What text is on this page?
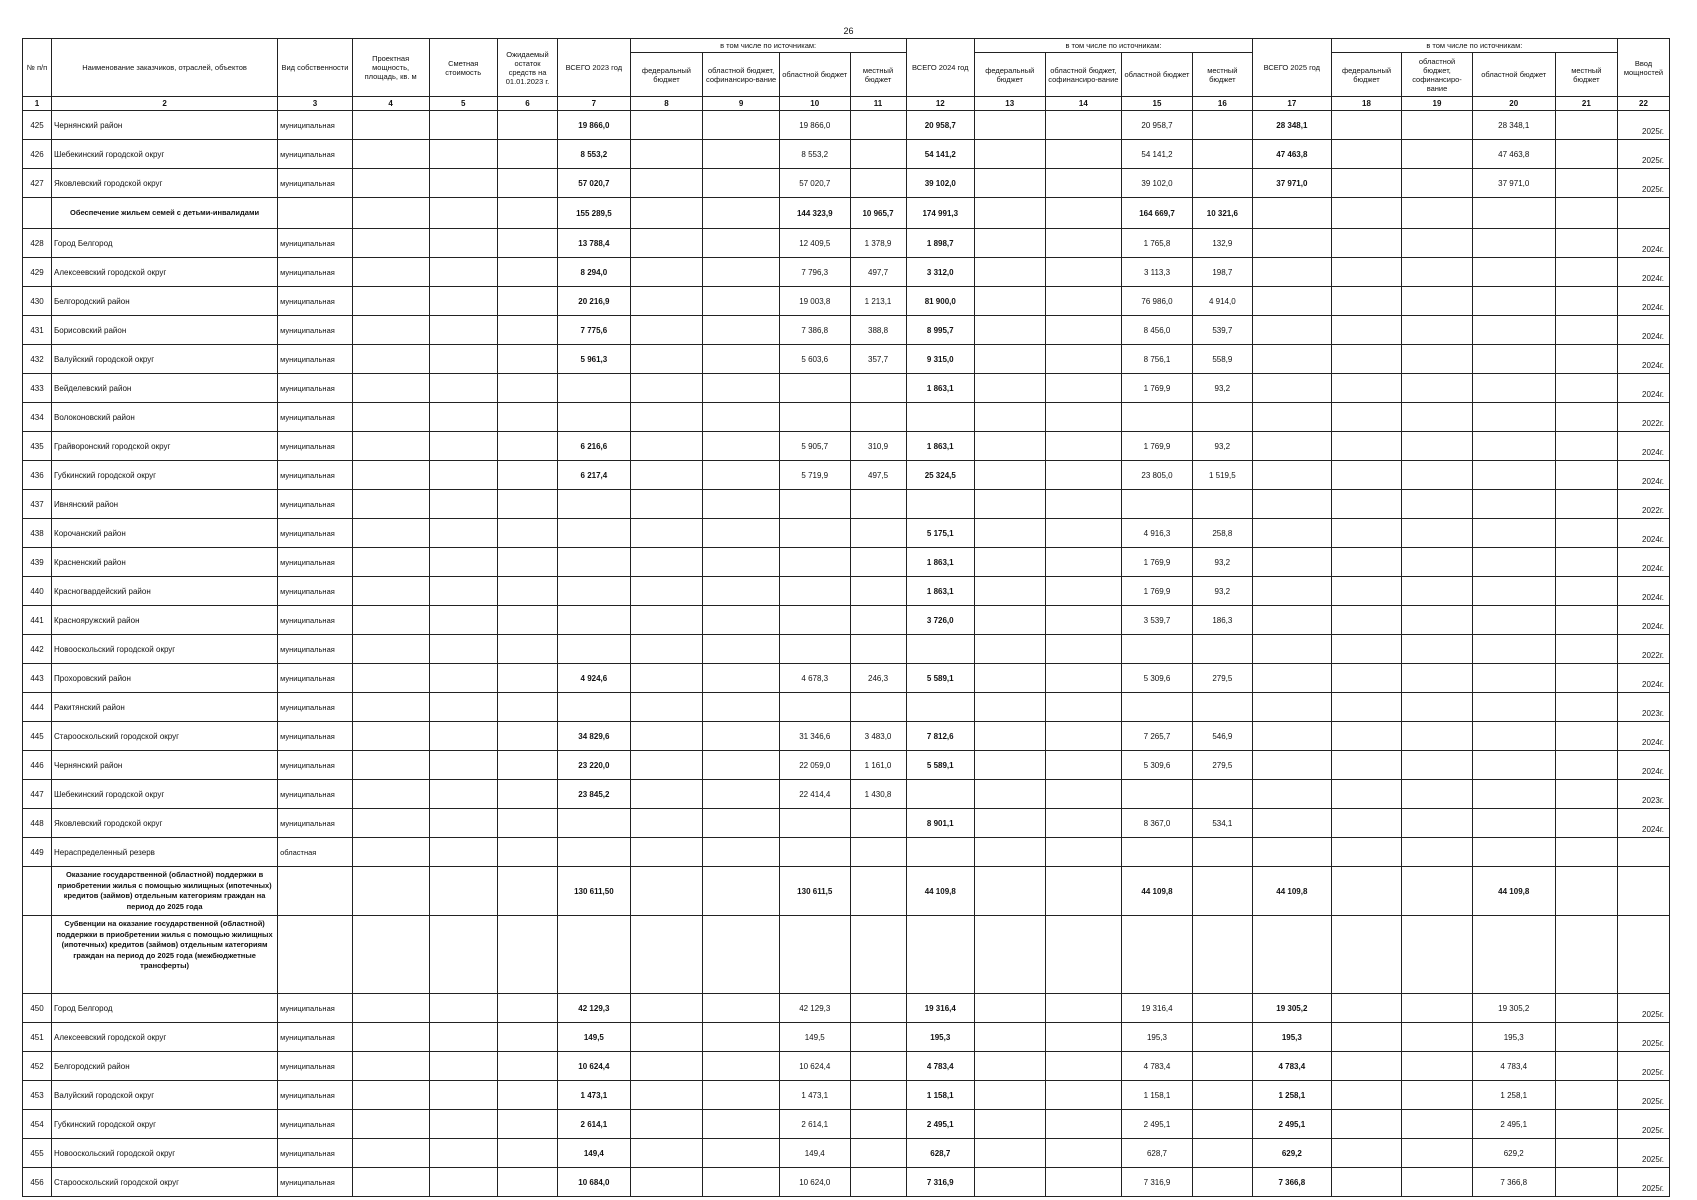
26
№ п/п	Наименование заказчиков, отраслей, объектов	Вид собственности	Проектная мощность, площадь, кв. м	Сметная стоимость	Ожидаемый остаток средств на 01.01.2023 г.	ВСЕГО 2023 год	в том числе по источникам:				ВСЕГО 2024 год	в том числе по источникам:				ВСЕГО 2025 год	в том числе по источникам:				Ввод мощностей
							федеральный бюджет	областной бюджет, софинансиро-вание	областной бюджет	местный бюджет		федеральный бюджет	областной бюджет, софинансиро-вание	областной бюджет	местный бюджет		федеральный бюджет	областной бюджет, софинансиро-вание	областной бюджет	местный бюджет	
1	2	3	4	5	6	7	8	9	10	11	12	13	14	15	16	17	18	19	20	21	22
425	Чернянский район	муниципальная				19 866,0			19 866,0		20 958,7			20 958,7		28 348,1			28 348,1		2025г.
426	Шебекинский городской округ	муниципальная				8 553,2			8 553,2		54 141,2			54 141,2		47 463,8			47 463,8		2025г.
427	Яковлевский городской округ	муниципальная				57 020,7			57 020,7		39 102,0			39 102,0		37 971,0			37 971,0		2025г.
	Обеспечение жильем семей с детьми-инвалидами					155 289,5			144 323,9	10 965,7	174 991,3			164 669,7	10 321,6						
428	Город Белгород	муниципальная				13 788,4			12 409,5	1 378,9	1 898,7			1 765,8	132,9						2024г.
429	Алексеевский городской округ	муниципальная				8 294,0			7 796,3	497,7	3 312,0			3 113,3	198,7						2024г.
430	Белгородский район	муниципальная				20 216,9			19 003,8	1 213,1	81 900,0			76 986,0	4 914,0						2024г.
431	Борисовский район	муниципальная				7 775,6			7 386,8	388,8	8 995,7			8 456,0	539,7						2024г.
432	Валуйский городской округ	муниципальная				5 961,3			5 603,6	357,7	9 315,0			8 756,1	558,9						2024г.
433	Вейделевский район	муниципальная									1 863,1			1 769,9	93,2						2024г.
434	Волоконовский район	муниципальная																			2022г.
435	Грайворонский городской округ	муниципальная				6 216,6			5 905,7	310,9	1 863,1			1 769,9	93,2						2024г.
436	Губкинский городской округ	муниципальная				6 217,4			5 719,9	497,5	25 324,5			23 805,0	1 519,5						2024г.
437	Ивнянский район	муниципальная																			2022г.
438	Корочанский район	муниципальная									5 175,1			4 916,3	258,8						2024г.
439	Красненский район	муниципальная									1 863,1			1 769,9	93,2						2024г.
440	Красногвардейский район	муниципальная									1 863,1			1 769,9	93,2						2024г.
441	Краснояружский район	муниципальная									3 726,0			3 539,7	186,3						2024г.
442	Новооскольский городской округ	муниципальная																			2022г.
443	Прохоровский район	муниципальная				4 924,6			4 678,3	246,3	5 589,1			5 309,6	279,5						2024г.
444	Ракитянский район	муниципальная																			2023г.
445	Старооскольский городской округ	муниципальная				34 829,6			31 346,6	3 483,0	7 812,6			7 265,7	546,9						2024г.
446	Чернянский район	муниципальная				23 220,0			22 059,0	1 161,0	5 589,1			5 309,6	279,5						2024г.
447	Шебекинский городской округ	муниципальная				23 845,2			22 414,4	1 430,8											2023г.
448	Яковлевский городской округ	муниципальная									8 901,1			8 367,0	534,1						2024г.
449	Нераспределенный резерв	областная																			
	Оказание государственной (областной) поддержки в приобретении жилья с помощью жилищных (ипотечных) кредитов (займов) отдельным категориям граждан на период до 2025 года					130 611,50			130 611,5		44 109,8			44 109,8		44 109,8			44 109,8		
	Субвенции на оказание государственной (областной) поддержки в приобретении жилья с помощью жилищных (ипотечных) кредитов (займов) отдельным категориям граждан на период до 2025 года (межбюджетные трансферты)																				
450	Город Белгород	муниципальная				42 129,3			42 129,3		19 316,4			19 316,4		19 305,2			19 305,2		2025г.
451	Алексеевский городской округ	муниципальная				149,5			149,5		195,3			195,3		195,3			195,3		2025г.
452	Белгородский район	муниципальная				10 624,4			10 624,4		4 783,4			4 783,4		4 783,4			4 783,4		2025г.
453	Валуйский городской округ	муниципальная				1 473,1			1 473,1		1 158,1			1 158,1		1 258,1			1 258,1		2025г.
454	Губкинский городской округ	муниципальная				2 614,1			2 614,1		2 495,1			2 495,1		2 495,1			2 495,1		2025г.
455	Новооскольский городской округ	муниципальная				149,4			149,4		628,7			628,7		629,2			629,2		2025г.
456	Старооскольский городской округ	муниципальная				10 684,0			10 624,0		7 316,9			7 316,9		7 366,8			7 366,8		2025г.
